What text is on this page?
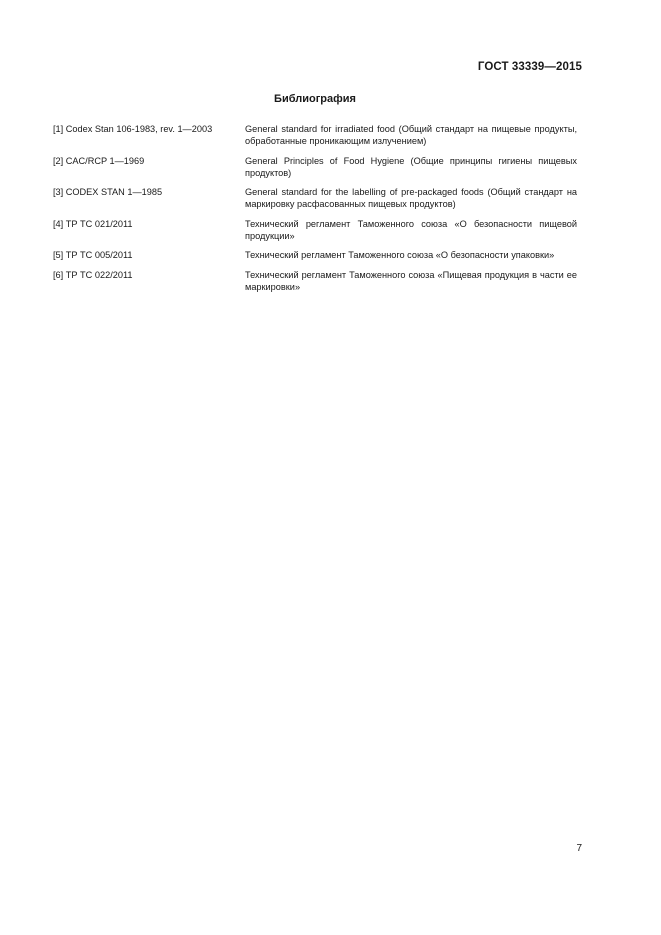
ГОСТ 33339—2015
Библиография
[1] Codex Stan 106-1983, rev. 1—2003	General standard for irradiated food (Общий стандарт на пищевые продукты, обработанные проникающим излучением)
[2] CAC/RCP 1—1969	General Principles of Food Hygiene (Общие принципы гигиены пищевых продуктов)
[3] CODEX STAN 1—1985	General standard for the labelling of pre-packaged foods (Общий стандарт на маркировку расфасованных пищевых продуктов)
[4] ТР ТС 021/2011	Технический регламент Таможенного союза «О безопасности пищевой продукции»
[5] ТР ТС 005/2011	Технический регламент Таможенного союза «О безопасности упаковки»
[6] ТР ТС 022/2011	Технический регламент Таможенного союза «Пищевая продукция в части ее маркировки»
7
